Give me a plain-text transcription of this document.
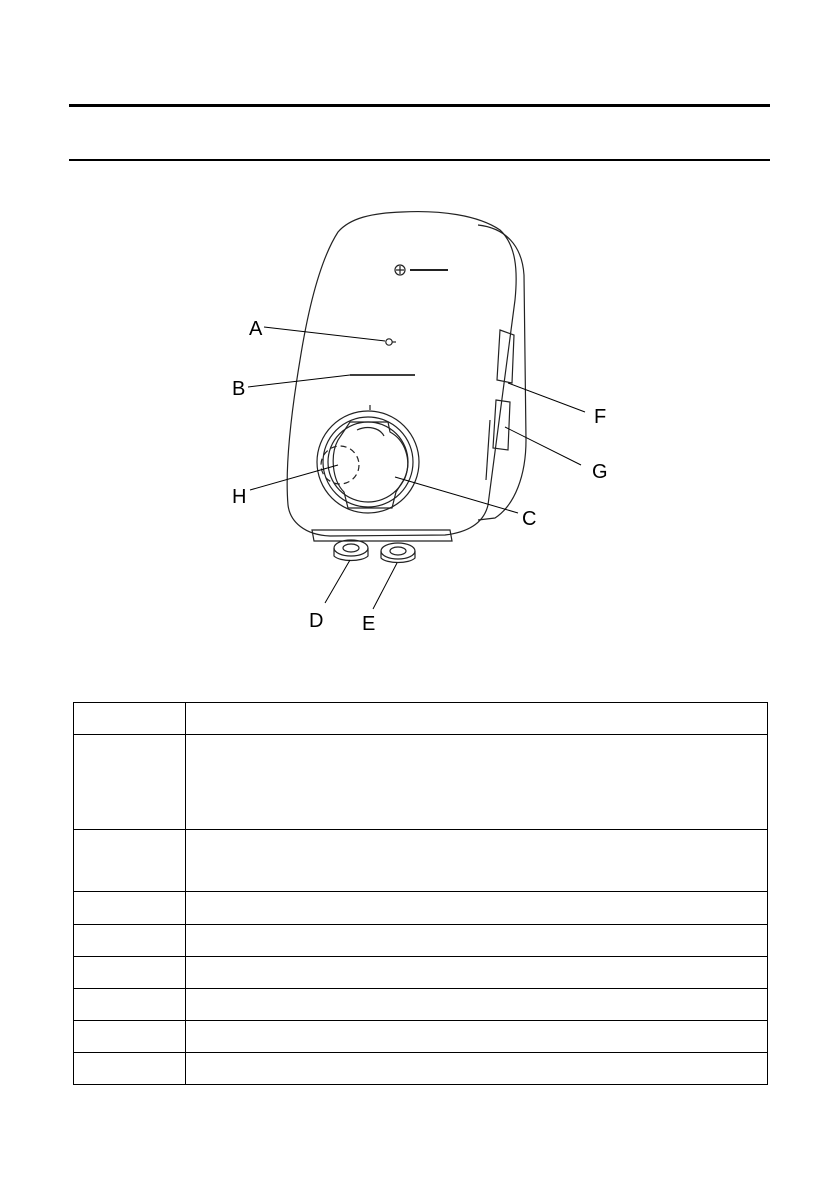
A
B
C
D E
F
G
H
